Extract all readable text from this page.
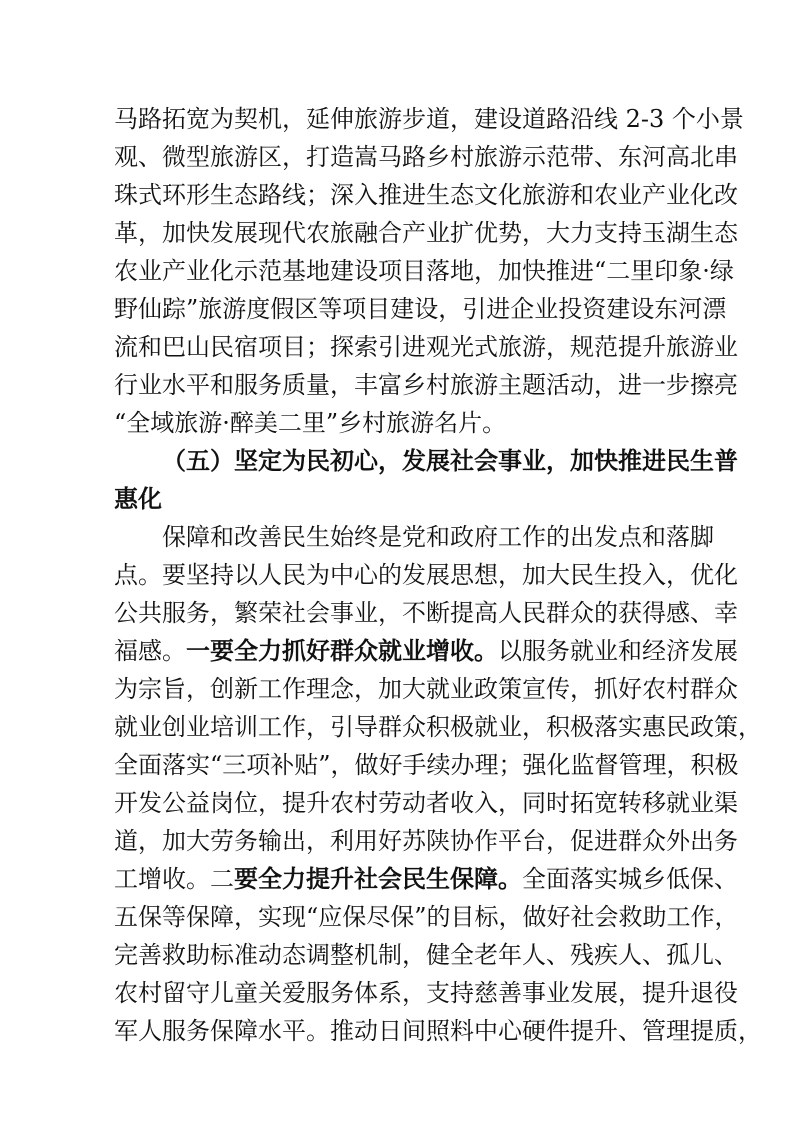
马路拓宽为契机，延伸旅游步道，建设道路沿线 2-3 个小景
观、微型旅游区，打造嵩马路乡村旅游示范带、东河高北串
珠式环形生态路线；深入推进生态文化旅游和农业产业化改
革，加快发展现代农旅融合产业扩优势，大力支持玉湖生态
农业产业化示范基地建设项目落地，加快推进“二里印象·绿
野仙踪”旅游度假区等项目建设，引进企业投资建设东河漂
流和巴山民宿项目；探索引进观光式旅游，规范提升旅游业
行业水平和服务质量，丰富乡村旅游主题活动，进一步擦亮
“全域旅游·醉美二里”乡村旅游名片。
（五）坚定为民初心，发展社会事业，加快推进民生普
惠化
保障和改善民生始终是党和政府工作的出发点和落脚
点。要坚持以人民为中心的发展思想，加大民生投入，优化
公共服务，繁荣社会事业，不断提高人民群众的获得感、幸
福感。一要全力抓好群众就业增收。以服务就业和经济发展
为宗旨，创新工作理念，加大就业政策宣传，抓好农村群众
就业创业培训工作，引导群众积极就业，积极落实惠民政策，
全面落实“三项补贴”，做好手续办理；强化监督管理，积极
开发公益岗位，提升农村劳动者收入，同时拓宽转移就业渠
道，加大劳务输出，利用好苏陕协作平台，促进群众外出务
工增收。二要全力提升社会民生保障。全面落实城乡低保、
五保等保障，实现“应保尽保”的目标，做好社会救助工作，
完善救助标准动态调整机制，健全老年人、残疾人、孤儿、
农村留守儿童关爱服务体系，支持慈善事业发展，提升退役
军人服务保障水平。推动日间照料中心硬件提升、管理提质，
